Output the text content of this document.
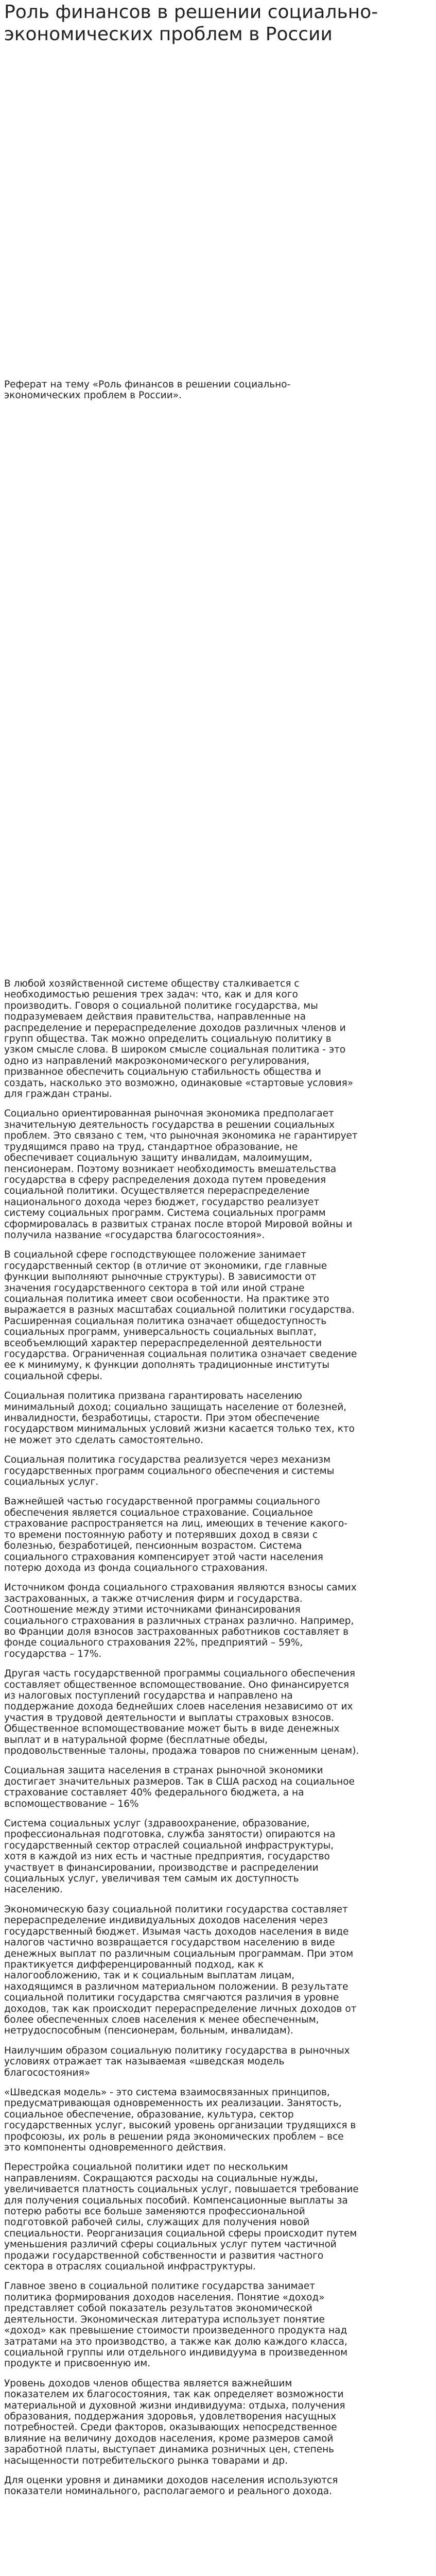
Роль финансов в решении социально- экономических проблем в России

Реферат на тему «Роль финансов в решении социально- экономических проблем в России».

В любой хозяйственной системе обществу сталкивается с необходимостью решения трех задач: что, как и для кого производить. Говоря о социальной политике государства, мы подразумеваем действия правительства, направленные на распределение и перераспределение доходов различных членов и групп общества. Так можно определить социальную политику в узком смысле слова. В широком смысле социальная политика - это одно из направлений макроэкономического регулирования, призванное обеспечить социальную стабильность общества и создать, насколько это возможно, одинаковые «стартовые условия» для граждан страны.

Социально ориентированная рыночная экономика предполагает значительную деятельность государства в решении социальных проблем. Это связано с тем, что рыночная экономика не гарантирует трудящимся право на труд, стандартное образование, не обеспечивает социальную защиту инвалидам, малоимущим, пенсионерам. Поэтому возникает необходимость вмешательства государства в сферу распределения дохода путем проведения социальной политики. Осуществляется перераспределение национального дохода через бюджет, государство реализует систему социальных программ. Система социальных программ сформировалась в развитых странах после второй Мировой войны и получила название «государства благосостояния».

В социальной сфере господствующее положение занимает государственный сектор (в отличие от экономики, где главные функции выполняют рыночные структуры). В зависимости от значения государственного сектора в той или иной стране социальная политика имеет свои особенности. На практике это выражается в разных масштабах социальной политики государства. Расширенная социальная политика означает общедоступность социальных программ, универсальность социальных выплат, всеобъемлющий характер перераспределенной деятельности государства. Ограниченная социальная политика означает сведение ее к минимуму, к функции дополнять традиционные институты социальной сферы.

Социальная политика призвана гарантировать населению минимальный доход; социально защищать население от болезней, инвалидности, безработицы, старости. При этом обеспечение государством минимальных условий жизни касается только тех, кто не может это сделать самостоятельно.

Социальная политика государства реализуется через механизм государственных программ социального обеспечения и системы социальных услуг.

Важнейшей частью государственной программы социального обеспечения является социальное страхование. Социальное страхование распространяется на лиц, имеющих в течение какого- то времени постоянную работу и потерявших доход в связи с болезнью, безработицей, пенсионным возрастом. Система социального страхования компенсирует этой части населения потерю дохода из фонда социального страхования.

Источником фонда социального страхования являются взносы самих застрахованных, а также отчисления фирм и государства. Соотношение между этими источниками финансирования социального страхования в различных странах различно. Например, во Франции доля взносов застрахованных работников составляет в фонде социального страхования 22%, предприятий – 59%, государства – 17%.

Другая часть государственной программы социального обеспечения составляет общественное вспомоществование. Оно финансируется из налоговых поступлений государства и направлено на поддержание дохода беднейших слоев населения независимо от их участия в трудовой деятельности и выплаты страховых взносов. Общественное вспомоществование может быть в виде денежных выплат и в натуральной форме (бесплатные обеды, продовольственные талоны, продажа товаров по сниженным ценам).

Социальная защита населения в странах рыночной экономики достигает значительных размеров. Так в США расход на социальное страхование составляет 40% федерального бюджета, а на вспомоществование – 16%

Система социальных услуг (здравоохранение, образование, профессиональная подготовка, служба занятости) опираются на государственный сектор отраслей социальной инфраструктуры, хотя в каждой из них есть и частные предприятия, государство участвует в финансировании, производстве и распределении социальных услуг, увеличивая тем самым их доступность населению.

Экономическую базу социальной политики государства составляет перераспределение индивидуальных доходов населения через государственный бюджет. Изымая часть доходов населения в виде налогов частично возвращается государством населению в виде денежных выплат по различным социальным программам. При этом практикуется дифференцированный подход, как к налогообложению, так и к социальным выплатам лицам, находящимся в различном материальном положении. В результате социальной политики государства смягчаются различия в уровне доходов, так как происходит перераспределение личных доходов от более обеспеченных слоев населения к менее обеспеченным, нетрудоспособным (пенсионерам, больным, инвалидам).

Наилучшим образом социальную политику государства в рыночных условиях отражает так называемая «шведская модель благосостояния»

«Шведская модель» - это система взаимосвязанных принципов, предусматривающая одновременность их реализации. Занятость, социальное обеспечение, образование, культура, сектор государственных услуг, высокий уровень организации трудящихся в профсоюзы, их роль в решении ряда экономических проблем – все это компоненты одновременного действия.

Перестройка социальной политики идет по нескольким направлениям. Сокращаются расходы на социальные нужды, увеличивается платность социальных услуг, повышается требование для получения социальных пособий. Компенсационные выплаты за потерю работы все больше заменяются профессиональной подготовкой рабочей силы, служащих для получения новой специальности. Реорганизация социальной сферы происходит путем уменьшения различий сферы социальных услуг путем частичной продажи государственной собственности и развития частного сектора в отраслях социальной инфраструктуры.

Главное звено в социальной политике государства занимает политика формирования доходов населения. Понятие «доход» представляет собой показатель результатов экономической деятельности. Экономическая литература использует понятие «доход» как превышение стоимости произведенного продукта над затратами на это производство, а также как долю каждого класса, социальной группы или отдельного индивидуума в произведенном продукте и присвоенную им.

Уровень доходов членов общества является важнейшим показателем их благосостояния, так как определяет возможности материальной и духовной жизни индивидуума: отдыха, получения образования, поддержания здоровья, удовлетворения насущных потребностей. Среди факторов, оказывающих непосредственное влияние на величину доходов населения, кроме размеров самой заработной платы, выступает динамика розничных цен, степень насыщенности потребительского рынка товарами и др.

Для оценки уровня и динамики доходов населения используются показатели номинального, располагаемого и реального дохода.
